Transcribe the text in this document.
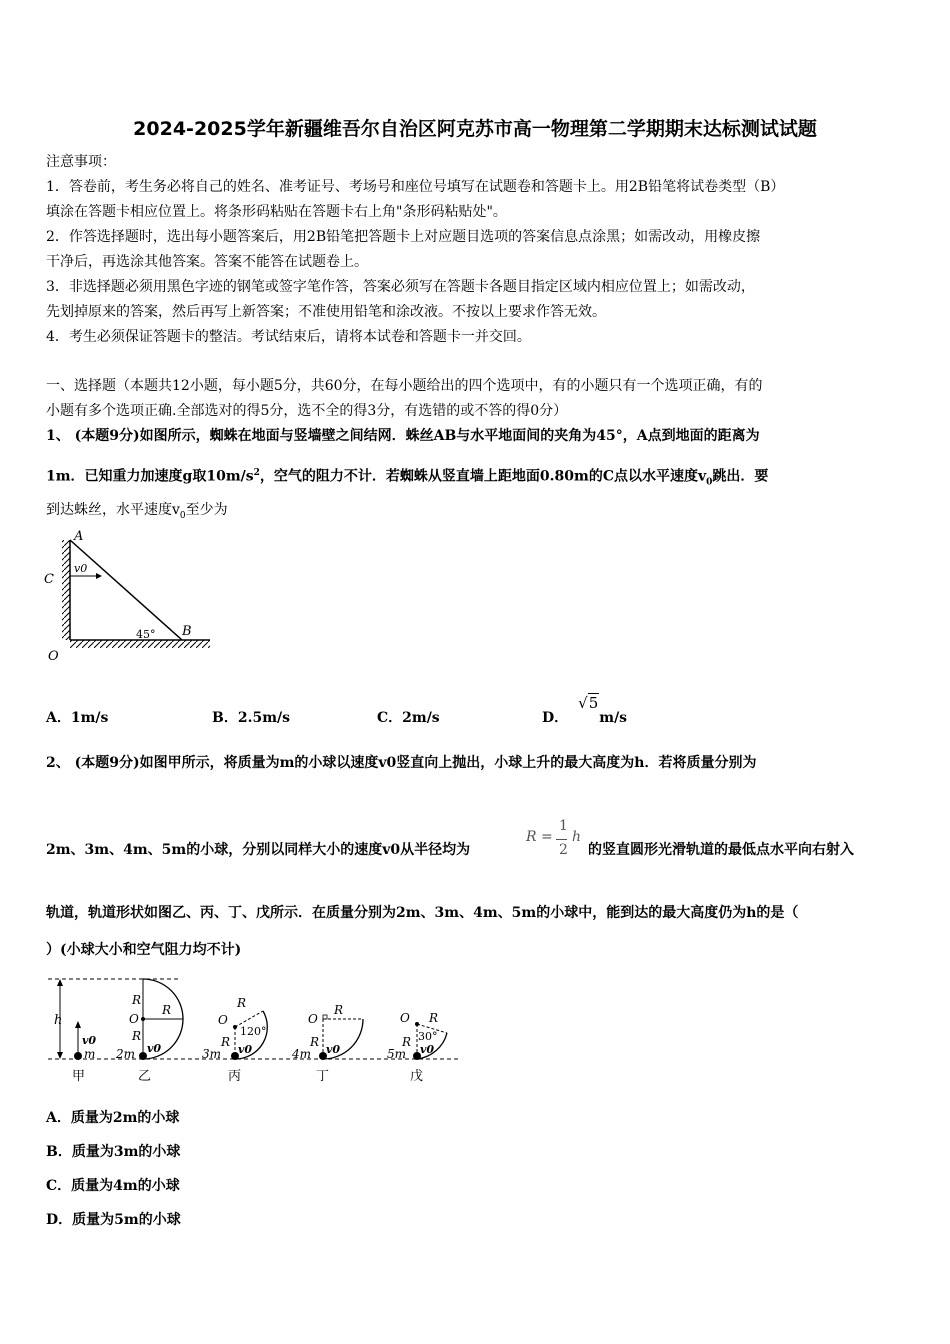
2024-2025学年新疆维吾尔自治区阿克苏市高一物理第二学期期末达标测试试题
注意事项：
1．答卷前，考生务必将自己的姓名、准考证号、考场号和座位号填写在试题卷和答题卡上。用2B铅笔将试卷类型（B）
填涂在答题卡相应位置上。将条形码粘贴在答题卡右上角"条形码粘贴处"。
2．作答选择题时，选出每小题答案后，用2B铅笔把答题卡上对应题目选项的答案信息点涂黑；如需改动，用橡皮擦
干净后，再选涂其他答案。答案不能答在试题卷上。
3．非选择题必须用黑色字迹的钢笔或签字笔作答，答案必须写在答题卡各题目指定区域内相应位置上；如需改动，
先划掉原来的答案，然后再写上新答案；不准使用铅笔和涂改液。不按以上要求作答无效。
4．考生必须保证答题卡的整洁。考试结束后，请将本试卷和答题卡一并交回。
一、选择题（本题共12小题，每小题5分，共60分，在每小题给出的四个选项中，有的小题只有一个选项正确，有的
小题有多个选项正确.全部选对的得5分，选不全的得3分，有选错的或不答的得0分）
1、 (本题9分)如图所示，蜘蛛在地面与竖墙壁之间结网．蛛丝AB与水平地面间的夹角为45°，A点到地面的距离为
1m．已知重力加速度g取$10m/s^2$，空气的阻力不计．若蜘蛛从竖直墙上距地面0.80m的C点以水平速度$v_0$跳出．要
到达蛛丝，水平速度$v_0$至少为
A
C
O
B
v0
45°
A．1m/s	B．2.5m/s	C．2m/s	D．√5m/s
2、 (本题9分)如图甲所示，将质量为m的小球以速度v0竖直向上抛出，小球上升的最大高度为h．若将质量分别为
2m、3m、4m、5m的小球，分别以同样大小的速度v0从半径均为
R =
1
2
h
的竖直圆形光滑轨道的最低点水平向右射入
轨道，轨道形状如图乙、丙、丁、戊所示．在质量分别为2m、3m、4m、5m的小球中，能到达的最大高度仍为h的是（
）(小球大小和空气阻力均不计)
h
v0
m
甲
R
O
R
R
2m v0
乙
O
R
R
120°
3m v0
丙
O
R
R
4m v0
丁
O R
R 30°
5m v0
戊
A．质量为2m的小球
B．质量为3m的小球
C．质量为4m的小球
D．质量为5m的小球
